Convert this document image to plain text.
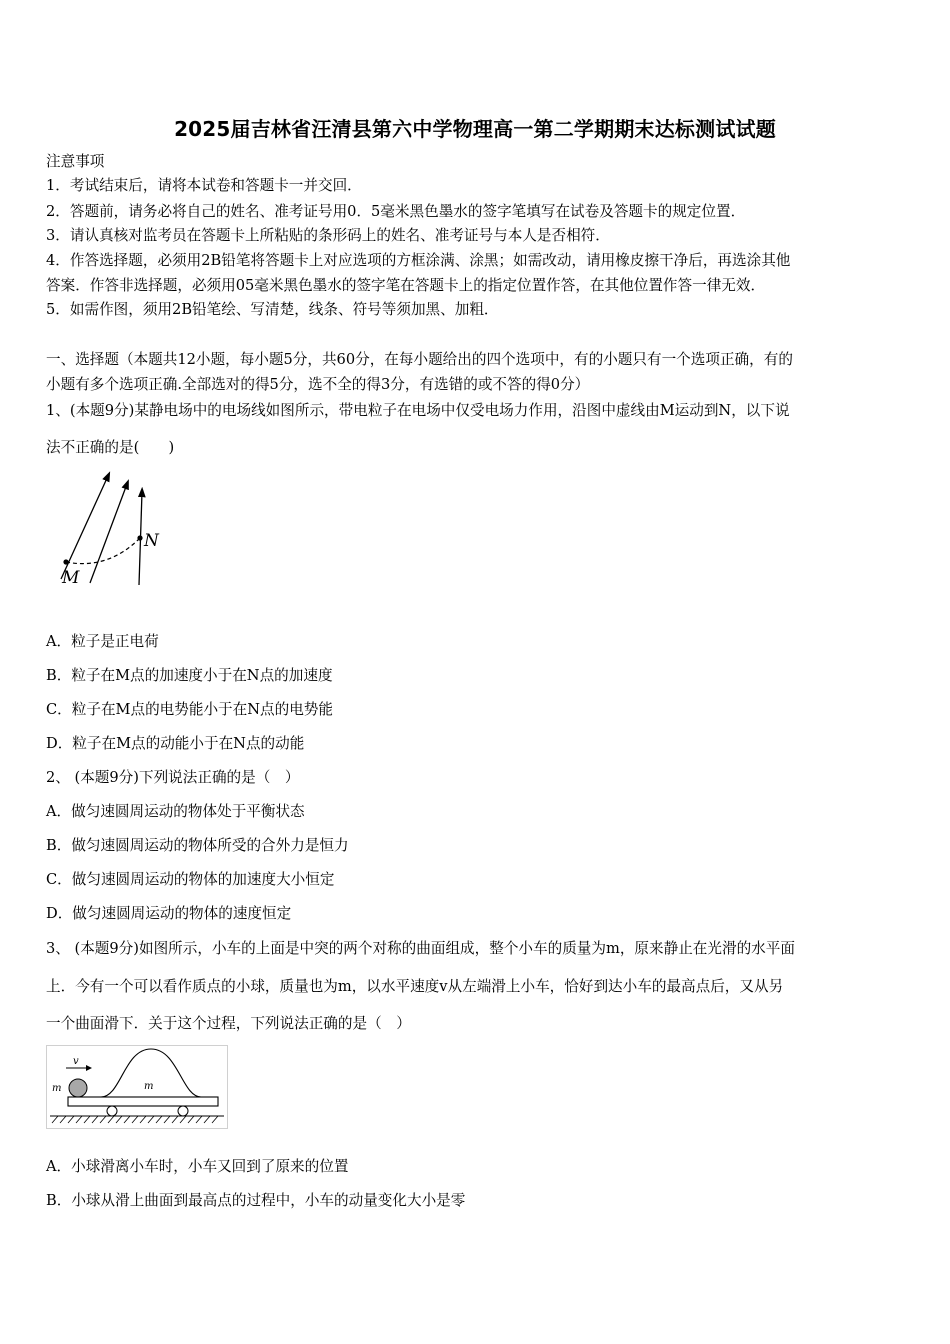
2025届吉林省汪清县第六中学物理高一第二学期期末达标测试试题
注意事项
1．考试结束后，请将本试卷和答题卡一并交回．
2．答题前，请务必将自己的姓名、准考证号用0．5毫米黑色墨水的签字笔填写在试卷及答题卡的规定位置．
3．请认真核对监考员在答题卡上所粘贴的条形码上的姓名、准考证号与本人是否相符．
4．作答选择题，必须用2B铅笔将答题卡上对应选项的方框涂满、涂黑；如需改动，请用橡皮擦干净后，再选涂其他
答案．作答非选择题，必须用05毫米黑色墨水的签字笔在答题卡上的指定位置作答，在其他位置作答一律无效．
5．如需作图，须用2B铅笔绘、写清楚，线条、符号等须加黑、加粗．
一、选择题（本题共12小题，每小题5分，共60分，在每小题给出的四个选项中，有的小题只有一个选项正确，有的
小题有多个选项正确.全部选对的得5分，选不全的得3分，有选错的或不答的得0分）
1、(本题9分)某静电场中的电场线如图所示，带电粒子在电场中仅受电场力作用，沿图中虚线由M运动到N，以下说
法不正确的是(　　)
M
N
A．粒子是正电荷
B．粒子在M点的加速度小于在N点的加速度
C．粒子在M点的电势能小于在N点的电势能
D．粒子在M点的动能小于在N点的动能
2、 (本题9分)下列说法正确的是（　）
A．做匀速圆周运动的物体处于平衡状态
B．做匀速圆周运动的物体所受的合外力是恒力
C．做匀速圆周运动的物体的加速度大小恒定
D．做匀速圆周运动的物体的速度恒定
3、 (本题9分)如图所示，小车的上面是中突的两个对称的曲面组成，整个小车的质量为m，原来静止在光滑的水平面
上．今有一个可以看作质点的小球，质量也为m，以水平速度v从左端滑上小车，恰好到达小车的最高点后，又从另
一个曲面滑下．关于这个过程，下列说法正确的是（　）
v
m	m
A．小球滑离小车时，小车又回到了原来的位置
B．小球从滑上曲面到最高点的过程中，小车的动量变化大小是零
